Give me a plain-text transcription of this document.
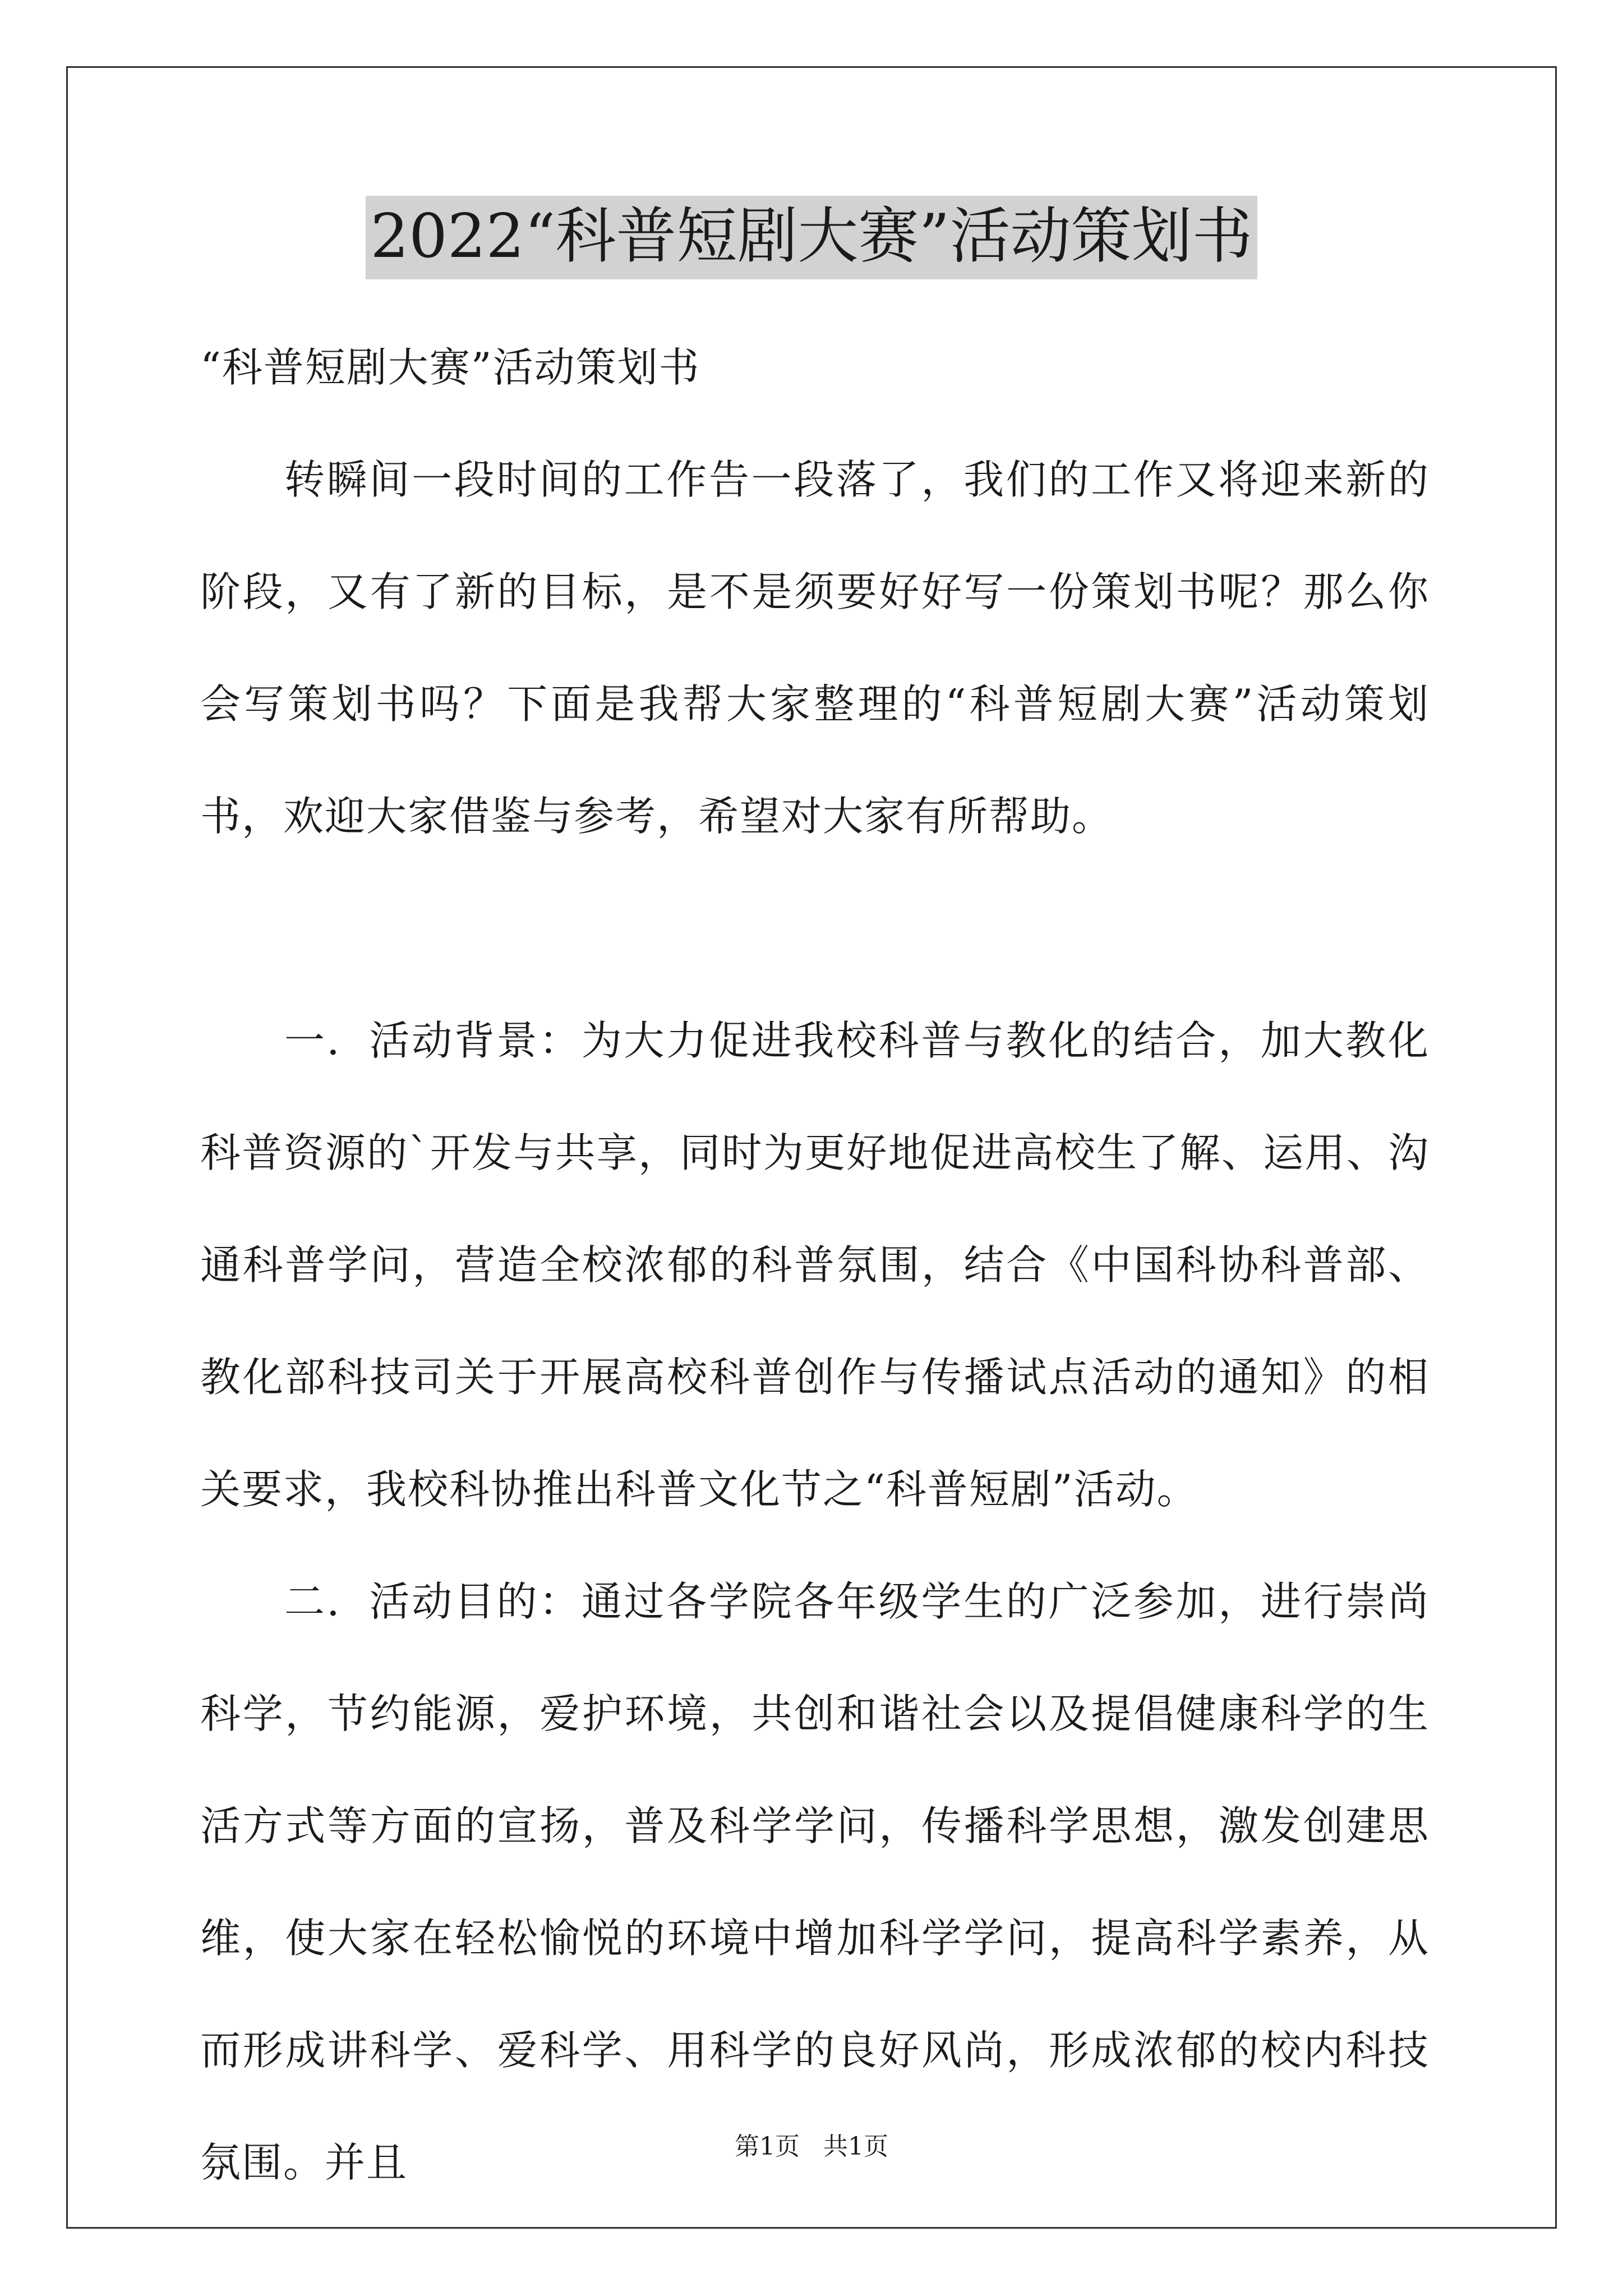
2022“科普短剧大赛”活动策划书

“科普短剧大赛”活动策划书

转瞬间一段时间的工作告一段落了，我们的工作又将迎来新的阶段，又有了新的目标，是不是须要好好写一份策划书呢？那么你会写策划书吗？下面是我帮大家整理的“科普短剧大赛”活动策划书，欢迎大家借鉴与参考，希望对大家有所帮助。

一．活动背景：为大力促进我校科普与教化的结合，加大教化科普资源的`开发与共享，同时为更好地促进高校生了解、运用、沟通科普学问，营造全校浓郁的科普氛围，结合《中国科协科普部、教化部科技司关于开展高校科普创作与传播试点活动的通知》的相关要求，我校科协推出科普文化节之“科普短剧”活动。

二．活动目的：通过各学院各年级学生的广泛参加，进行崇尚科学，节约能源，爱护环境，共创和谐社会以及提倡健康科学的生活方式等方面的宣扬，普及科学学问，传播科学思想，激发创建思维，使大家在轻松愉悦的环境中增加科学学问，提高科学素养，从而形成讲科学、爱科学、用科学的良好风尚，形成浓郁的校内科技氛围。并且	第1页   共1页
